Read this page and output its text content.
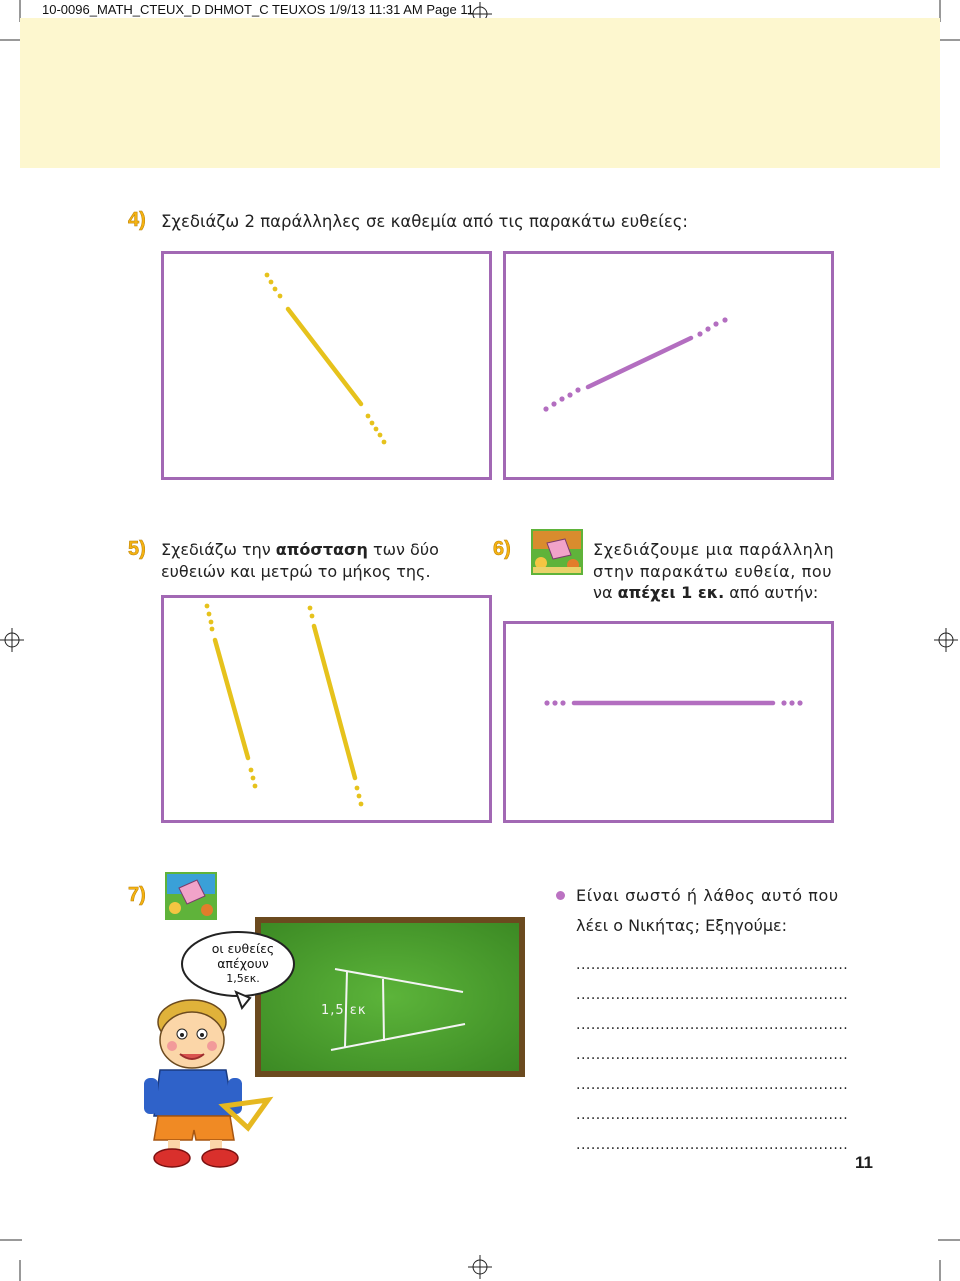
10-0096_MATH_CTEUX_D DHMOT_C TEUXOS 1/9/13 11:31 AM Page 11
4) Σχεδιάζω 2 παράλληλες σε καθεμία από τις παρακάτω ευθείες:
5) Σχεδιάζω την απόσταση των δύο
ευθειών και μετρώ το μήκος της.
6)	Σχεδιάζουμε μια παράλληλη
στην παρακάτω ευθεία, που
να απέχει 1 εκ. από αυτήν:
7)
1,5 εκ
οι ευθείες
απέχουν
1,5εκ.
Είναι σωστό ή λάθος αυτό που
λέει ο Νικήτας; Εξηγούμε:
.......................................................
.......................................................
.......................................................
.......................................................
.......................................................
.......................................................
.......................................................
11
